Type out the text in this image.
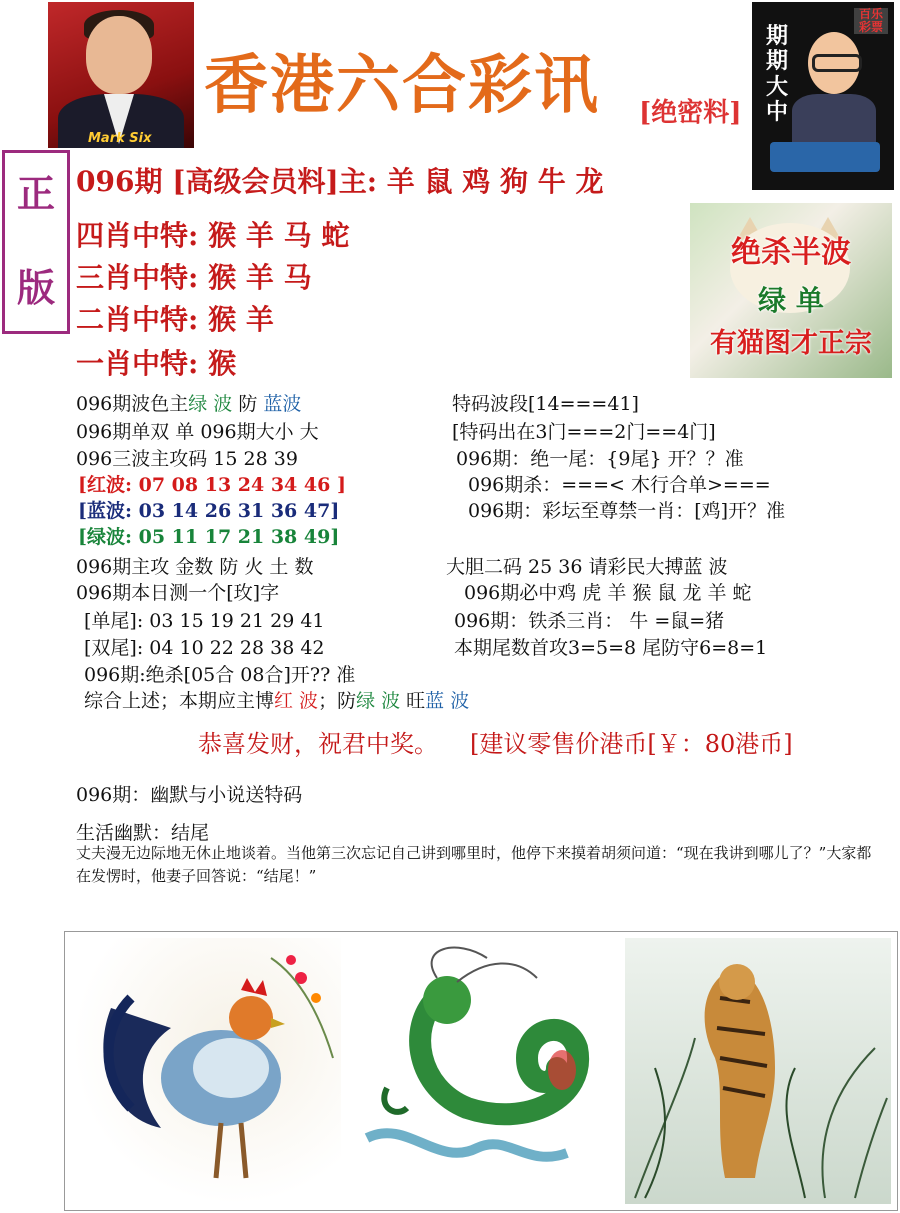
Mark Six
香港六合彩讯 [绝密料]
期期大中
百乐彩票
正
版
096期 [高级会员料]主: 羊 鼠 鸡 狗 牛 龙
四肖中特: 猴 羊 马 蛇
三肖中特: 猴 羊 马
二肖中特: 猴 羊
一肖中特: 猴
绝杀半波
绿 单
有猫图才正宗
096期波色主绿 波 防 蓝波
096期单双 单 096期大小 大
096三波主攻码 15 28 39
[红波: 07 08 13 24 34 46 ]
[蓝波: 03 14 26 31 36 47]
[绿波: 05 11 17 21 38 49]
096期主攻 金数 防 火 土 数
096期本日测一个[玫]字
[单尾]: 03 15 19 21 29 41
[双尾]: 04 10 22 28 38 42
096期:绝杀[05合 08合]开?? 准
综合上述；本期应主博红 波；防绿 波 旺蓝 波
特码波段[14===41]
[特码出在3门===2门==4门]
096期：绝一尾：{9尾} 开？？准
096期杀：===< 木行合单>===
096期：彩坛至尊禁一肖：[鸡]开？准
大胆二码 25 36 请彩民大搏蓝 波
096期必中鸡 虎 羊 猴 鼠 龙 羊 蛇
096期：铁杀三肖： 牛 =鼠=猪
本期尾数首攻3=5=8 尾防守6=8=1
恭喜发财，祝君中奖。 [建议零售价港币[￥：80港币]
096期：幽默与小说送特码
生活幽默：结尾
丈夫漫无边际地无休止地谈着。当他第三次忘记自己讲到哪里时，他停下来摸着胡须问道：“现在我讲到哪儿了？”大家都在发愣时，他妻子回答说：“结尾！”
